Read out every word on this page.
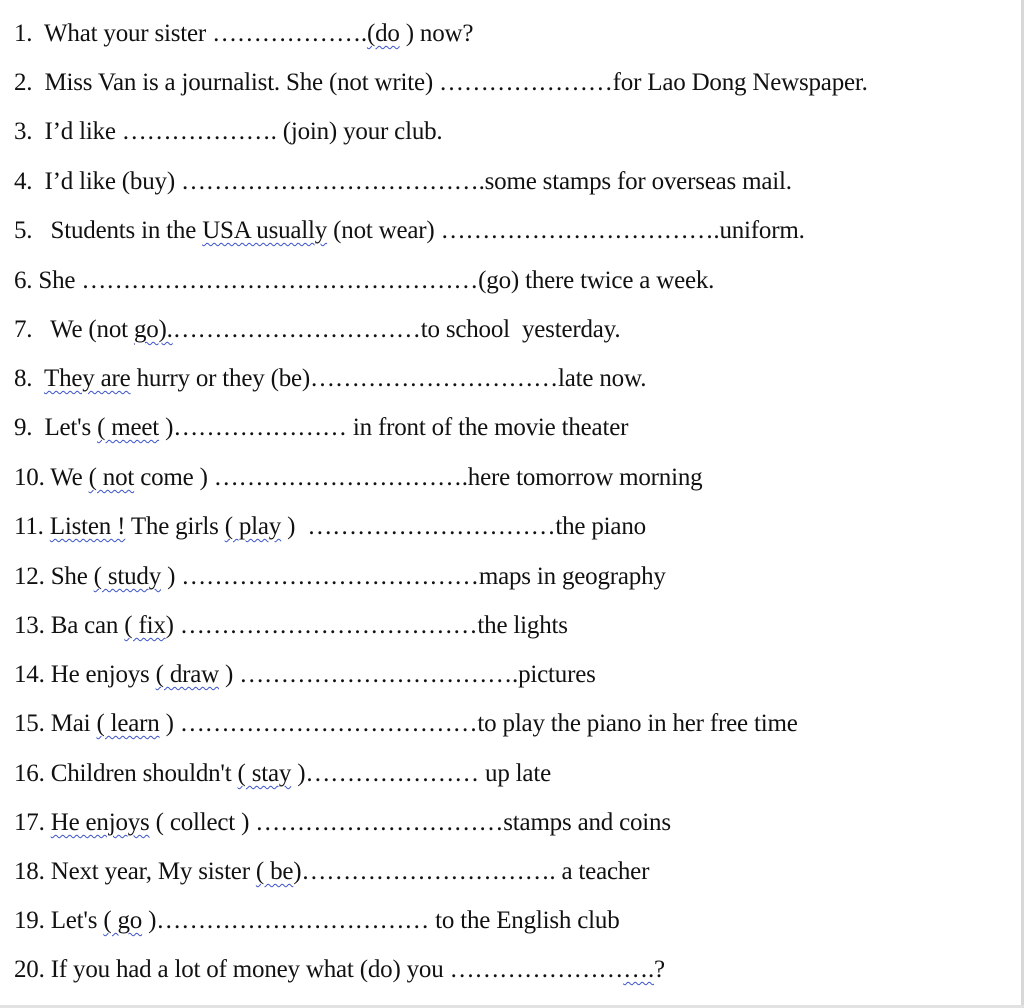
1. What your sister ……………….(do ) now?
2. Miss Van is a journalist. She (not write) …………………for Lao Dong Newspaper.
3. I’d like ………………. (join) your club.
4. I’d like (buy) ……………………………….some stamps for overseas mail.
5.   Students in the USA usually (not wear) …………………………….uniform.
6. She …………………………………………(go) there twice a week.
7.   We (not go).…………………………to school  yesterday.
8. They are hurry or they (be)…………………………late now.
9. Let's ( meet )………………… in front of the movie theater
10. We ( not come ) ………………………….here tomorrow morning
11. Listen ! The girls ( play )  …………………………the piano
12. She ( study ) ………………………………maps in geography
13. Ba can ( fix) ………………………………the lights
14. He enjoys ( draw ) …………………………….pictures
15. Mai ( learn ) ………………………………to play the piano in her free time
16. Children shouldn't ( stay )………………… up late
17. He enjoys ( collect ) …………………………stamps and coins
18. Next year, My sister ( be)…………………………. a teacher
19. Let's ( go )…………………………… to the English club
20. If you had a lot of money what (do) you …………………….?
